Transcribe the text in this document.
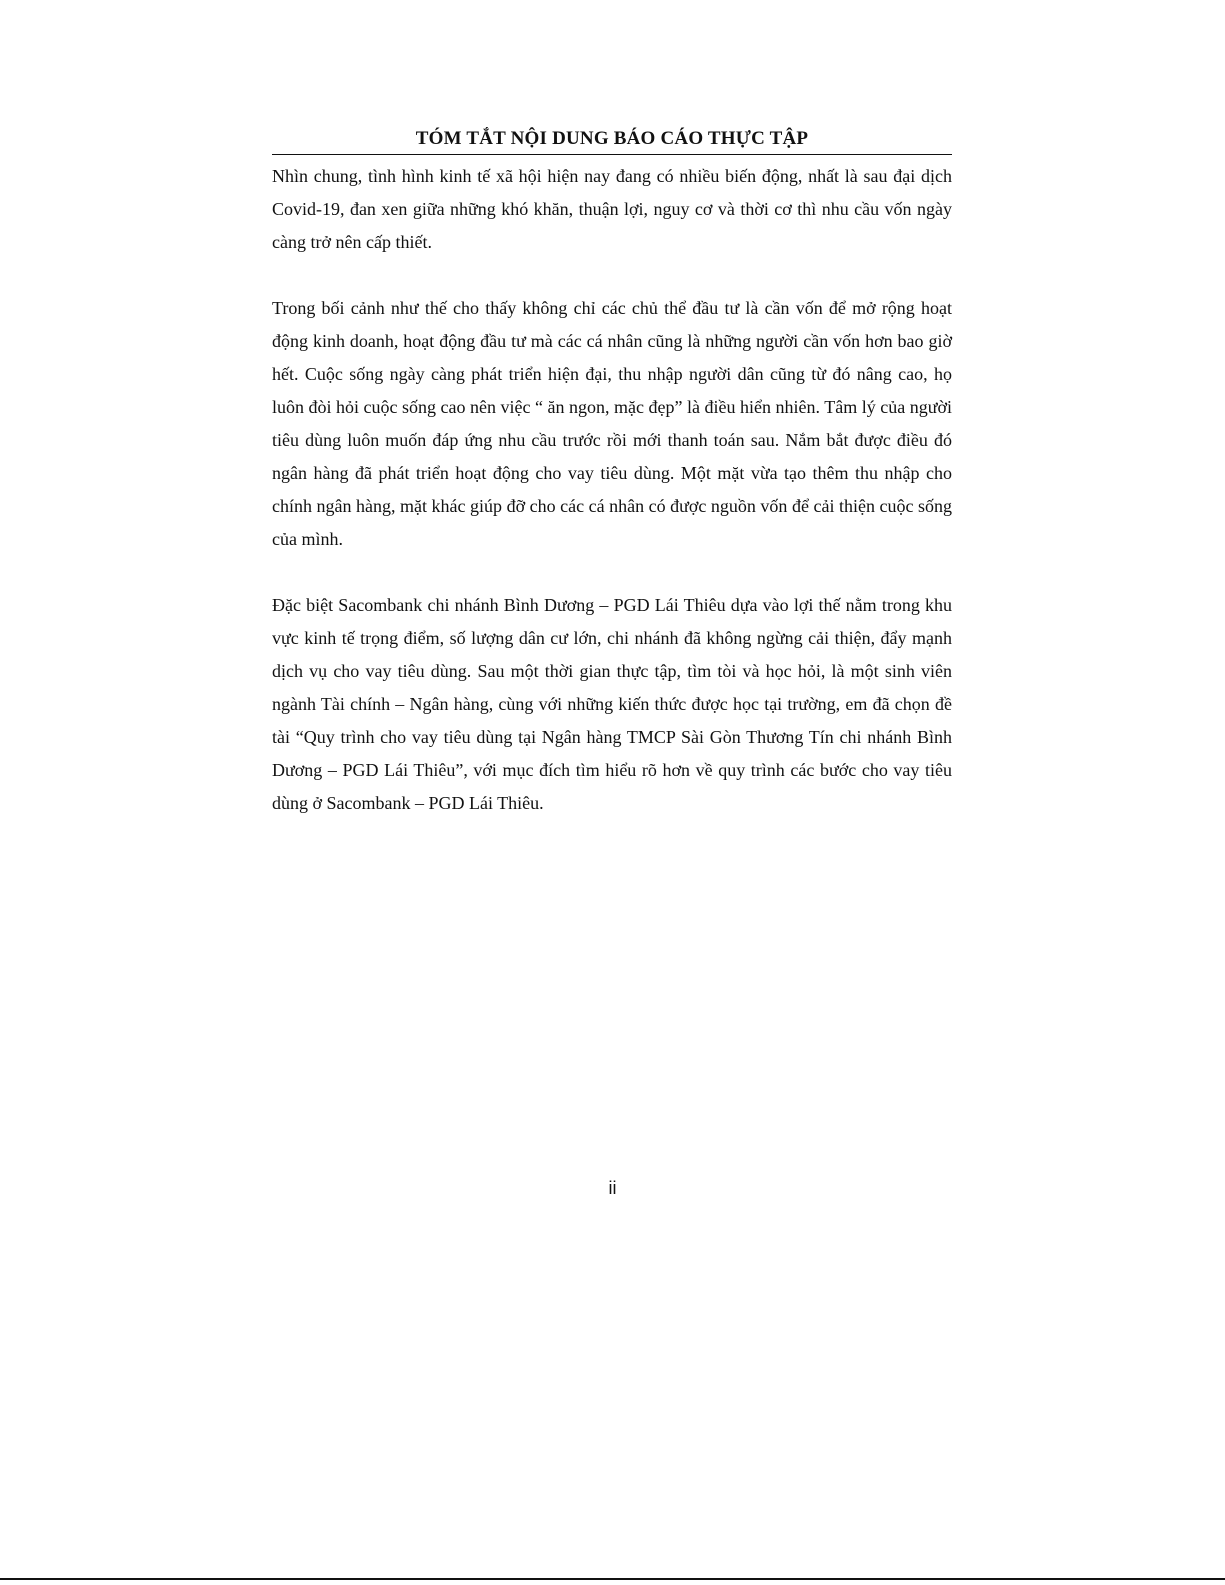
TÓM TẮT NỘI DUNG BÁO CÁO THỰC TẬP

Nhìn chung, tình hình kinh tế xã hội hiện nay đang có nhiều biến động, nhất là sau đại dịch Covid-19, đan xen giữa những khó khăn, thuận lợi, nguy cơ và thời cơ thì nhu cầu vốn ngày càng trở nên cấp thiết.

Trong bối cảnh như thế cho thấy không chỉ các chủ thể đầu tư là cần vốn để mở rộng hoạt động kinh doanh, hoạt động đầu tư mà các cá nhân cũng là những người cần vốn hơn bao giờ hết. Cuộc sống ngày càng phát triển hiện đại, thu nhập người dân cũng từ đó nâng cao, họ luôn đòi hỏi cuộc sống cao nên việc “ ăn ngon, mặc đẹp” là điều hiển nhiên. Tâm lý của người tiêu dùng luôn muốn đáp ứng nhu cầu trước rồi mới thanh toán sau. Nắm bắt được điều đó ngân hàng đã phát triển hoạt động cho vay tiêu dùng. Một mặt vừa tạo thêm thu nhập cho chính ngân hàng, mặt khác giúp đỡ cho các cá nhân có được nguồn vốn để cải thiện cuộc sống của mình.

Đặc biệt Sacombank chi nhánh Bình Dương – PGD Lái Thiêu dựa vào lợi thế nằm trong khu vực kinh tế trọng điểm, số lượng dân cư lớn, chi nhánh đã không ngừng cải thiện, đẩy mạnh dịch vụ cho vay tiêu dùng. Sau một thời gian thực tập, tìm tòi và học hỏi, là một sinh viên ngành Tài chính – Ngân hàng, cùng với những kiến thức được học tại trường, em đã chọn đề tài “Quy trình cho vay tiêu dùng tại Ngân hàng TMCP Sài Gòn Thương Tín chi nhánh Bình Dương – PGD Lái Thiêu”, với mục đích tìm hiểu rõ hơn về quy trình các bước cho vay tiêu dùng ở Sacombank – PGD Lái Thiêu.

ii
